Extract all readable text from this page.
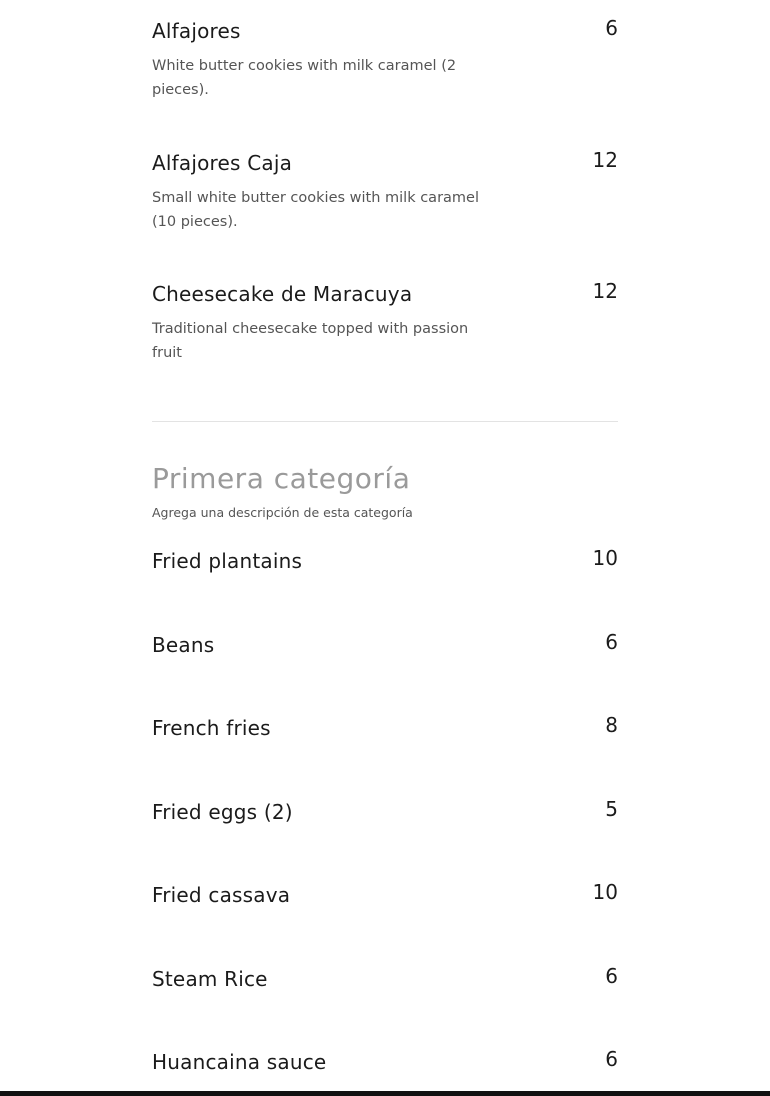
Alfajores	6
White butter cookies with milk caramel (2 pieces).
Alfajores Caja	12
Small white butter cookies with milk caramel (10 pieces).
Cheesecake de Maracuya	12
Traditional cheesecake topped with passion fruit
Primera categoría
Agrega una descripción de esta categoría
Fried plantains	10
Beans	6
French fries	8
Fried eggs (2)	5
Fried cassava	10
Steam Rice	6
Huancaina sauce	6
